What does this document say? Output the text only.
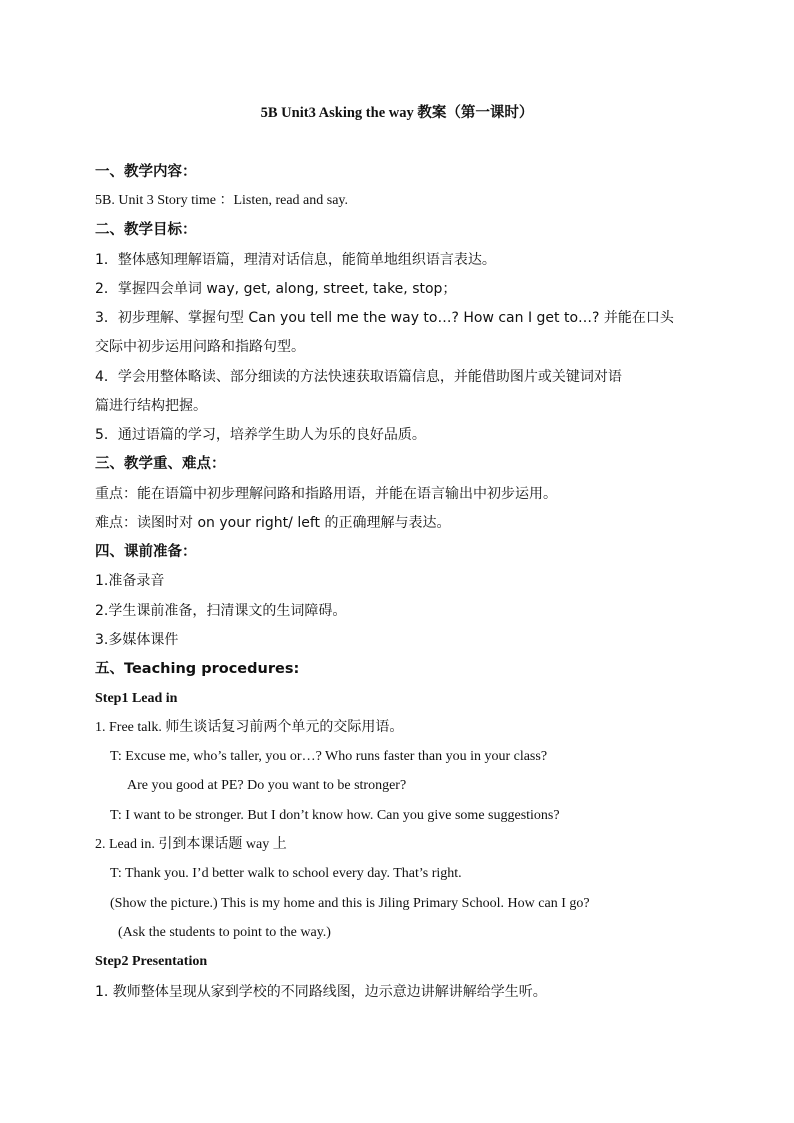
5B Unit3 Asking the way 教案（第一课时）
一、教学内容：
5B. Unit 3 Story time ：Listen, read and say.
二、教学目标：
1．整体感知理解语篇，理清对话信息，能简单地组织语言表达。
2．掌握四会单词 way, get, along, street, take, stop；
3．初步理解、掌握句型 Can you tell me the way to…? How can I get to…? 并能在口头
交际中初步运用问路和指路句型。
4．学会用整体略读、部分细读的方法快速获取语篇信息，并能借助图片或关键词对语
篇进行结构把握。
5．通过语篇的学习，培养学生助人为乐的良好品质。
三、教学重、难点：
重点：能在语篇中初步理解问路和指路用语，并能在语言输出中初步运用。
难点：读图时对 on your right/ left 的正确理解与表达。
四、课前准备：
1.准备录音
2.学生课前准备，扫清课文的生词障碍。
3.多媒体课件
五、Teaching procedures:
Step1 Lead in
1. Free talk. 师生谈话复习前两个单元的交际用语。
T: Excuse me, who’s taller, you or…? Who runs faster than you in your class?
Are you good at PE? Do you want to be stronger?
T: I want to be stronger. But I don’t know how. Can you give some suggestions?
2. Lead in. 引到本课话题 way 上
T: Thank you. I’d better walk to school every day. That’s right.
(Show the picture.) This is my home and this is Jiling Primary School. How can I go?
(Ask the students to point to the way.)
Step2 Presentation
1. 教师整体呈现从家到学校的不同路线图，边示意边讲解讲解给学生听。
